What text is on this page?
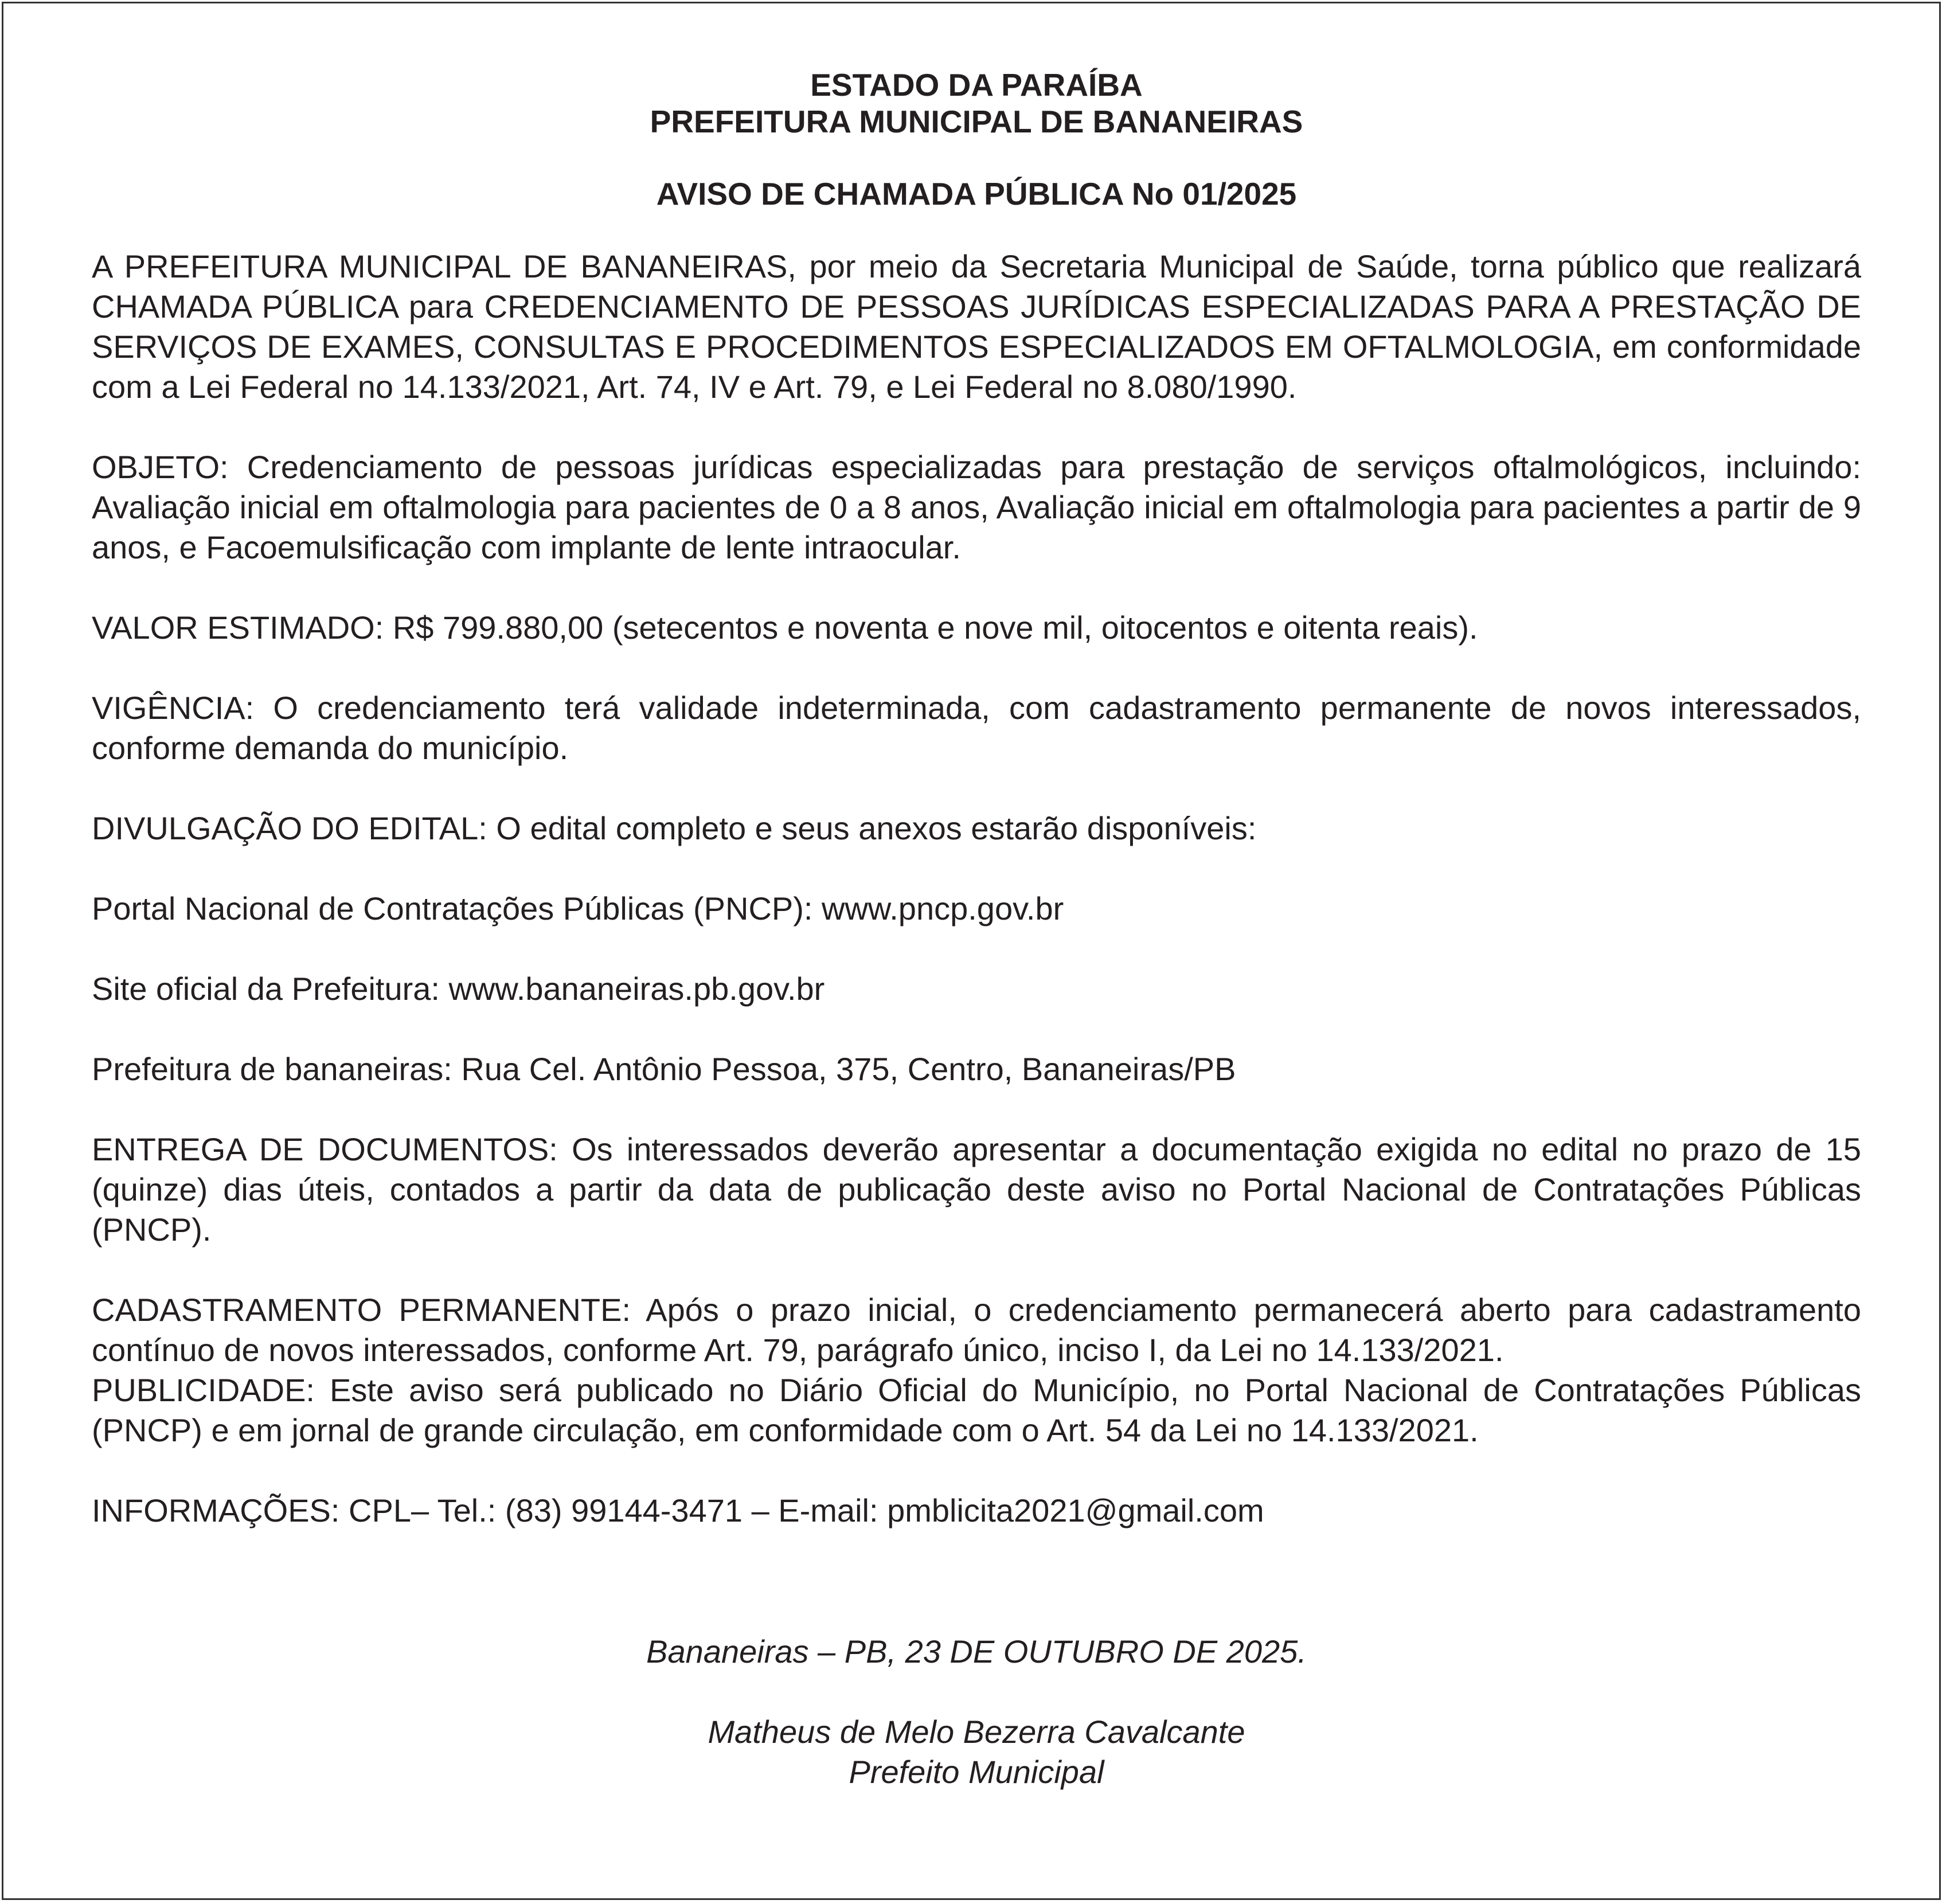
ESTADO DA PARAÍBA
PREFEITURA MUNICIPAL DE BANANEIRAS
AVISO DE CHAMADA PÚBLICA No 01/2025

A PREFEITURA MUNICIPAL DE BANANEIRAS, por meio da Secretaria Municipal de Saúde, torna público que realizará CHAMADA PÚBLICA para CREDENCIAMENTO DE PESSOAS JURÍDICAS ESPECIALIZADAS PARA A PRESTAÇÃO DE SERVIÇOS DE EXAMES, CONSULTAS E PROCEDIMENTOS ESPECIALIZADOS EM OFTALMOLOGIA, em conformidade com a Lei Federal no 14.133/2021, Art. 74, IV e Art. 79, e Lei Federal no 8.080/1990.

OBJETO: Credenciamento de pessoas jurídicas especializadas para prestação de serviços oftalmológicos, incluindo: Avaliação inicial em oftalmologia para pacientes de 0 a 8 anos, Avaliação inicial em oftalmologia para pacientes a partir de 9 anos, e Facoemulsificação com implante de lente intraocular.

VALOR ESTIMADO: R$ 799.880,00 (setecentos e noventa e nove mil, oitocentos e oitenta reais).

VIGÊNCIA: O credenciamento terá validade indeterminada, com cadastramento permanente de novos interessados, conforme demanda do município.

DIVULGAÇÃO DO EDITAL: O edital completo e seus anexos estarão disponíveis:

Portal Nacional de Contratações Públicas (PNCP): www.pncp.gov.br

Site oficial da Prefeitura: www.bananeiras.pb.gov.br

Prefeitura de bananeiras: Rua Cel. Antônio Pessoa, 375, Centro, Bananeiras/PB

ENTREGA DE DOCUMENTOS: Os interessados deverão apresentar a documentação exigida no edital no prazo de 15 (quinze) dias úteis, contados a partir da data de publicação deste aviso no Portal Nacional de Contratações Públicas (PNCP).

CADASTRAMENTO PERMANENTE: Após o prazo inicial, o credenciamento permanecerá aberto para cadastramento contínuo de novos interessados, conforme Art. 79, parágrafo único, inciso I, da Lei no 14.133/2021.

PUBLICIDADE: Este aviso será publicado no Diário Oficial do Município, no Portal Nacional de Contratações Públicas (PNCP) e em jornal de grande circulação, em conformidade com o Art. 54 da Lei no 14.133/2021.

INFORMAÇÕES: CPL– Tel.: (83) 99144-3471 – E-mail: pmblicita2021@gmail.com

Bananeiras – PB, 23 DE OUTUBRO DE 2025.
Matheus de Melo Bezerra Cavalcante
Prefeito Municipal
